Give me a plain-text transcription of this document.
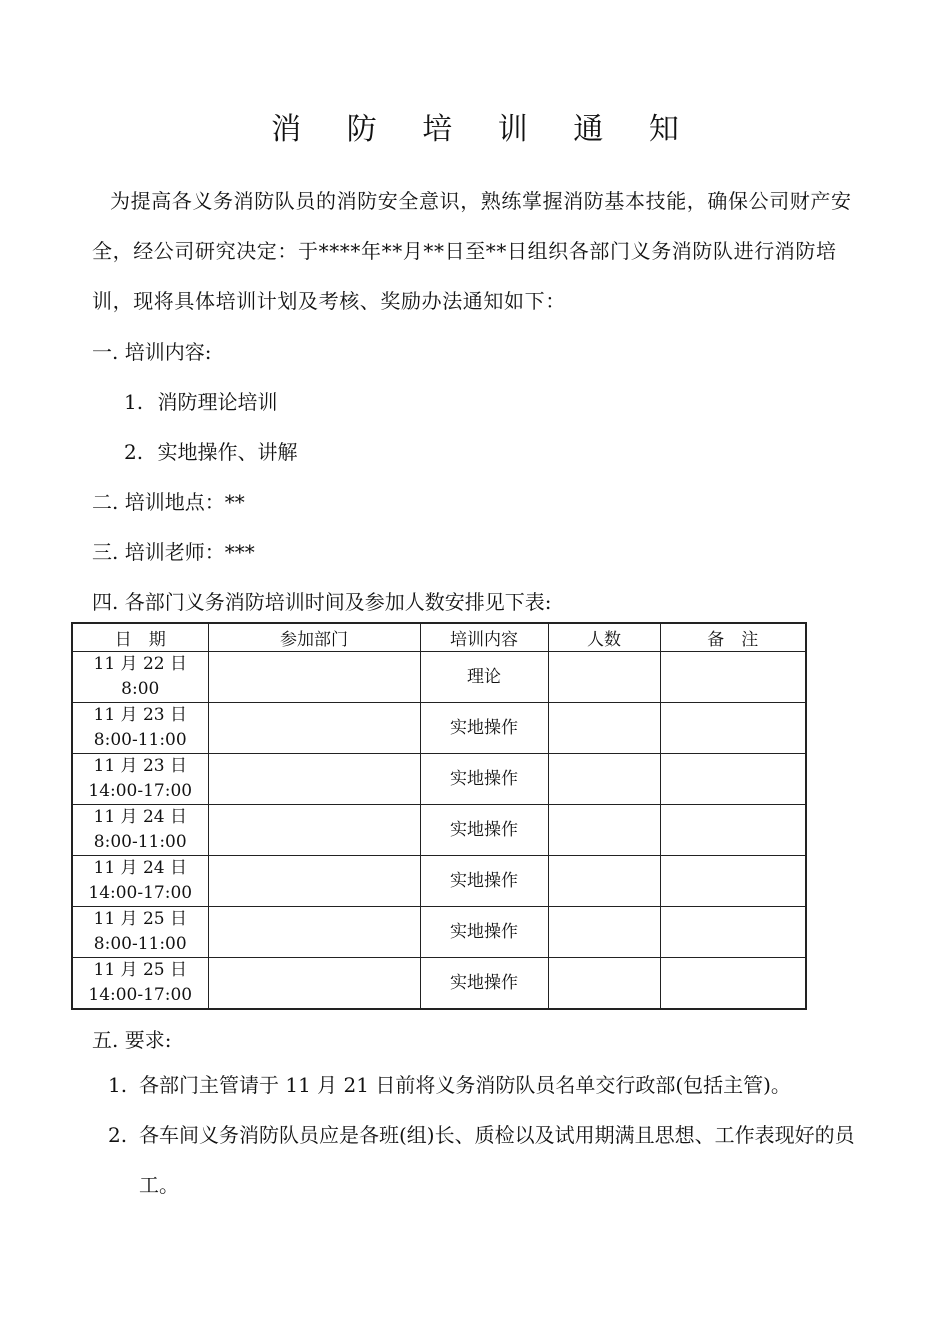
消 防 培 训 通 知
为提高各义务消防队员的消防安全意识，熟练掌握消防基本技能，确保公司财产安全，经公司研究决定：于****年**月**日至**日组织各部门义务消防队进行消防培训，现将具体培训计划及考核、奖励办法通知如下：
一. 培训内容:
1. 消防理论培训
2. 实地操作、讲解
二. 培训地点：**
三. 培训老师：***
四. 各部门义务消防培训时间及参加人数安排见下表:
日　期	参加部门	培训内容	人数	备　注

11 月 22 日
8:00		理论		

11 月 23 日
8:00-11:00		实地操作		

11 月 23 日
14:00-17:00		实地操作		

11 月 24 日
8:00-11:00		实地操作		

11 月 24 日
14:00-17:00		实地操作		

11 月 25 日
8:00-11:00		实地操作		

11 月 25 日
14:00-17:00		实地操作		
五. 要求:
1. 各部门主管请于 11 月 21 日前将义务消防队员名单交行政部(包括主管)。
2. 各车间义务消防队员应是各班(组)长、质检以及试用期满且思想、工作表现好的员工。
